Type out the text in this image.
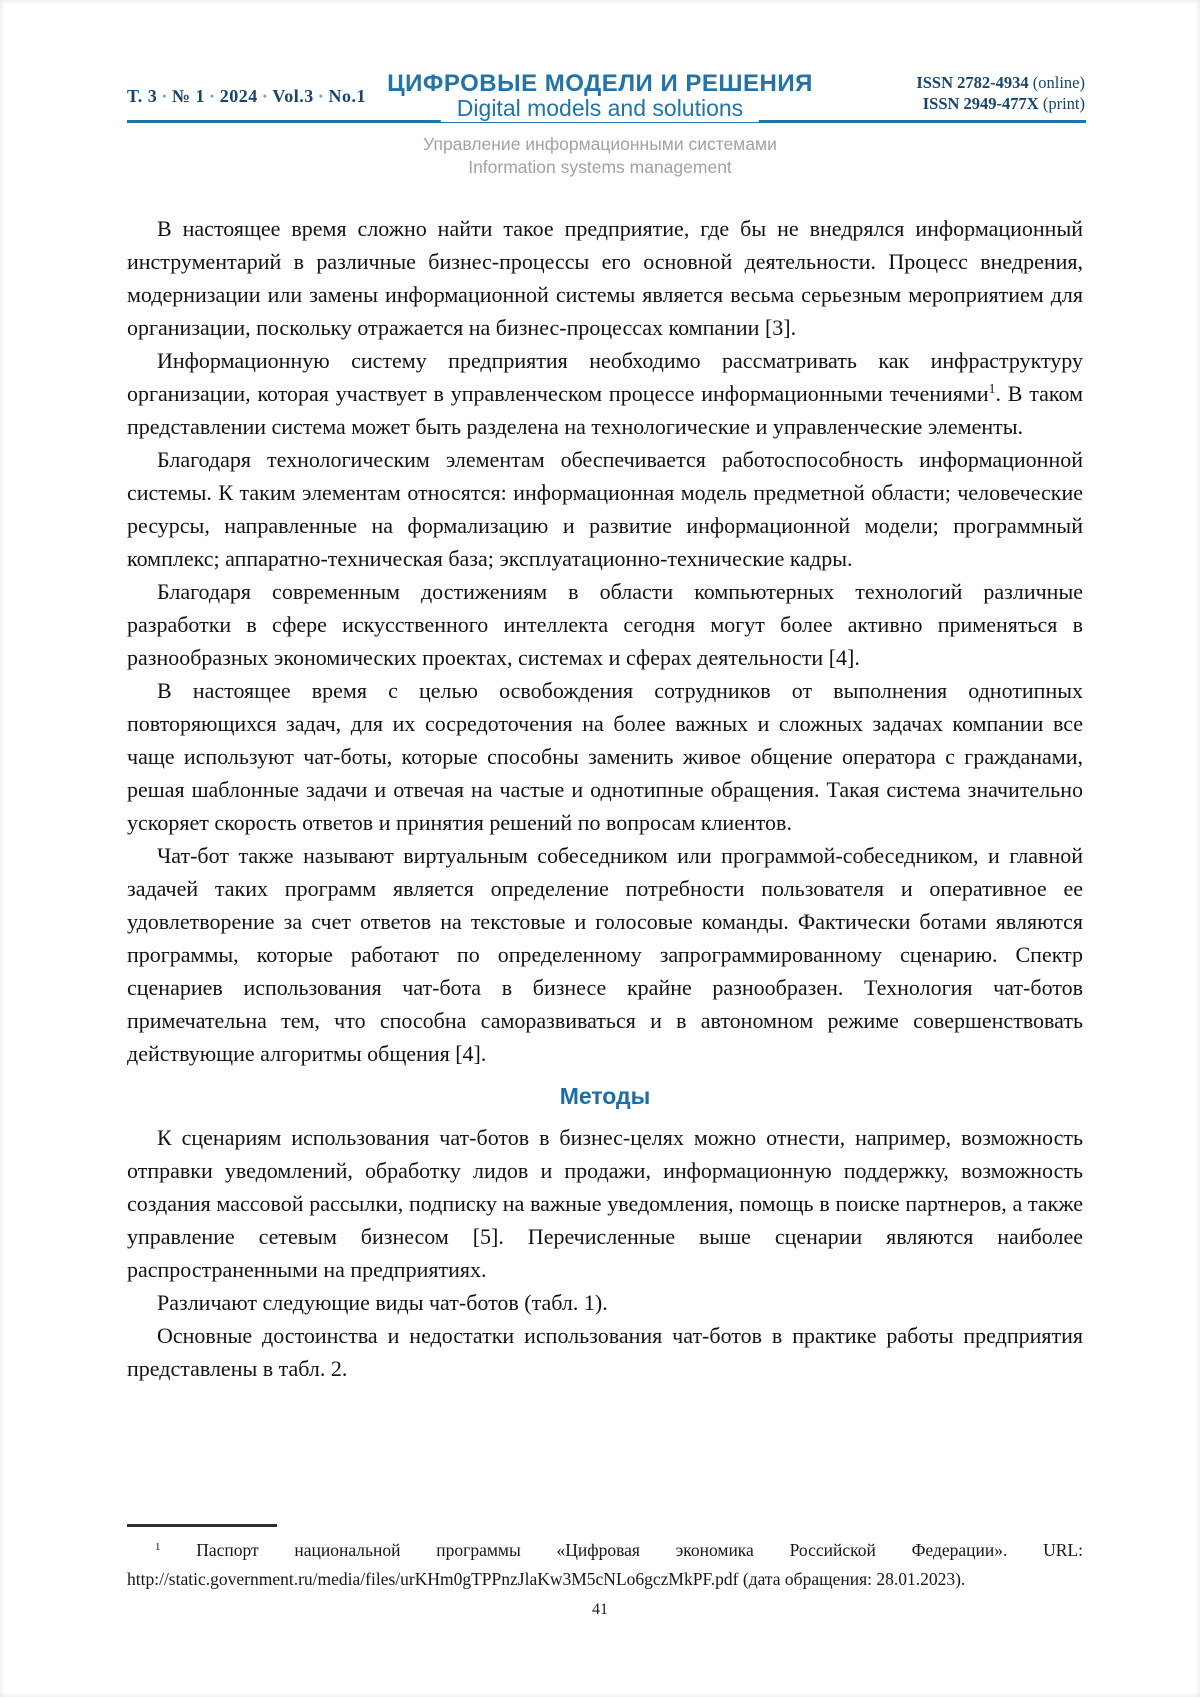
Т. 3 • № 1 • 2024 • Vol.3 • No.1 ЦИФРОВЫЕ МОДЕЛИ И РЕШЕНИЯ
Digital models and solutions
ISSN 2782-4934 (online)
ISSN 2949-477X (print)
Управление информационными системами
Information systems management

В настоящее время сложно найти такое предприятие, где бы не внедрялся информационный инструментарий в различные бизнес-процессы его основной деятельности. Процесс внедрения, модернизации или замены информационной системы является весьма серьезным мероприятием для организации, поскольку отражается на бизнес-процессах компании [3].

Информационную систему предприятия необходимо рассматривать как инфраструктуру организации, которая участвует в управленческом процессе информационными течениями$^1$. В таком представлении система может быть разделена на технологические и управленческие элементы.

Благодаря технологическим элементам обеспечивается работоспособность информационной системы. К таким элементам относятся: информационная модель предметной области; человеческие ресурсы, направленные на формализацию и развитие информационной модели; программный комплекс; аппаратно-техническая база; эксплуатационно-технические кадры.

Благодаря современным достижениям в области компьютерных технологий различные разработки в сфере искусственного интеллекта сегодня могут более активно применяться в разнообразных экономических проектах, системах и сферах деятельности [4].

В настоящее время с целью освобождения сотрудников от выполнения однотипных повторяющихся задач, для их сосредоточения на более важных и сложных задачах компании все чаще используют чат-боты, которые способны заменить живое общение оператора с гражданами, решая шаблонные задачи и отвечая на частые и однотипные обращения. Такая система значительно ускоряет скорость ответов и принятия решений по вопросам клиентов.

Чат-бот также называют виртуальным собеседником или программой-собеседником, и главной задачей таких программ является определение потребности пользователя и оперативное ее удовлетворение за счет ответов на текстовые и голосовые команды. Фактически ботами являются программы, которые работают по определенному запрограммированному сценарию. Спектр сценариев использования чат-бота в бизнесе крайне разнообразен. Технология чат-ботов примечательна тем, что способна саморазвиваться и в автономном режиме совершенствовать действующие алгоритмы общения [4].

Методы

К сценариям использования чат-ботов в бизнес-целях можно отнести, например, возможность отправки уведомлений, обработку лидов и продажи, информационную поддержку, возможность создания массовой рассылки, подписку на важные уведомления, помощь в поиске партнеров, а также управление сетевым бизнесом [5]. Перечисленные выше сценарии являются наиболее распространенными на предприятиях.

Различают следующие виды чат-ботов (табл. 1).

Основные достоинства и недостатки использования чат-ботов в практике работы предприятия представлены в табл. 2.

$^1$ Паспорт национальной программы «Цифровая экономика Российской Федерации». URL: http://static.government.ru/media/files/urKHm0gTPPnzJlaKw3M5cNLo6gczMkPF.pdf (дата обращения: 28.01.2023).
41
